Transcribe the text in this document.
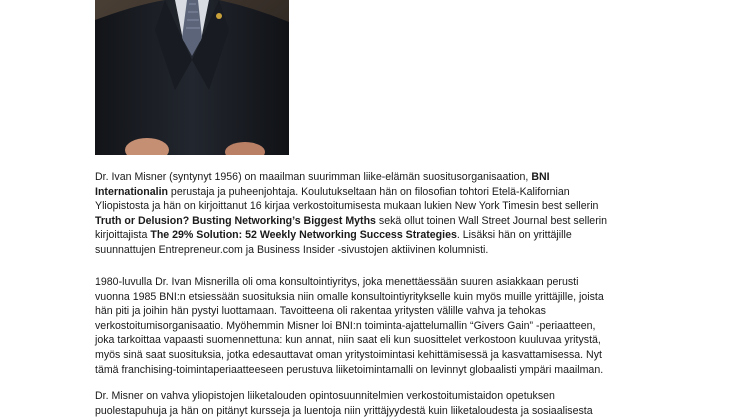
Dr. Ivan Misner (syntynyt 1956) on maailman suurimman liike-elämän suositusorganisaation, BNI
Internationalin perustaja ja puheenjohtaja. Koulutukseltaan hän on filosofian tohtori Etelä-Kalifornian
Yliopistosta ja hän on kirjoittanut 16 kirjaa verkostoitumisesta mukaan lukien New York Timesin best sellerin
Truth or Delusion? Busting Networking’s Biggest Myths sekä ollut toinen Wall Street Journal best sellerin
kirjoittajista The 29% Solution: 52 Weekly Networking Success Strategies. Lisäksi hän on yrittäjille
suunnattujen Entrepreneur.com ja Business Insider -sivustojen aktiivinen kolumnisti.

1980-luvulla Dr. Ivan Misnerilla oli oma konsultointiyritys, joka menettäessään suuren asiakkaan perusti
vuonna 1985 BNI:n etsiessään suosituksia niin omalle konsultointiyritykselle kuin myös muille yrittäjille, joista
hän piti ja joihin hän pystyi luottamaan. Tavoitteena oli rakentaa yritysten välille vahva ja tehokas
verkostoitumisorganisaatio. Myöhemmin Misner loi BNI:n toiminta-ajattelumallin “Givers Gain” -periaatteen,
joka tarkoittaa vapaasti suomennettuna: kun annat, niin saat eli kun suosittelet verkostoon kuuluvaa yritystä,
myös sinä saat suosituksia, jotka edesauttavat oman yritystoimintasi kehittämisessä ja kasvattamisessa. Nyt
tämä franchising-toimintaperiaatteeseen perustuva liiketoimintamalli on levinnyt globaalisti ympäri maailman.

Dr. Misner on vahva yliopistojen liiketalouden opintosuunnitelmien verkostoitumistaidon opetuksen
puolestapuhuja ja hän on pitänyt kursseja ja luentoja niin yrittäjyydestä kuin liiketaloudesta ja sosiaalisesta
